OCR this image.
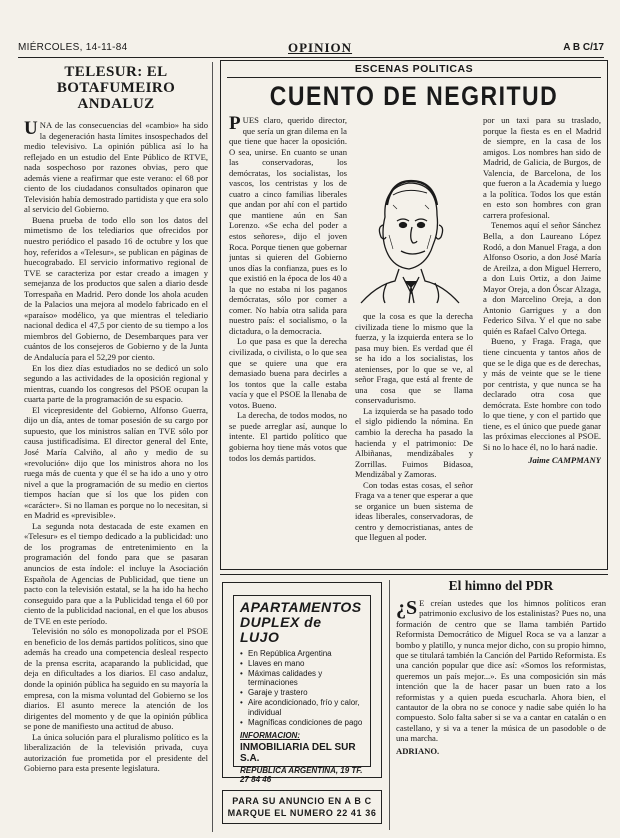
MIÉRCOLES, 14-11-84	OPINION	A B C/17
TELESUR: EL BOTAFUMEIRO ANDALUZ

UNA de las consecuencias del «cambio» ha sido la degeneración hasta límites insospechados del medio televisivo. La opinión pública así lo ha reflejado en un estudio del Ente Público de RTVE, nada sospechoso por razones obvias, pero que además viene a reafirmar que este verano: el 68 por ciento de los ciudadanos consultados opinaron que Televisión había demostrado partidista y que era solo al servicio del Gobierno.

Buena prueba de todo ello son los datos del mimetismo de los telediarios que ofrecidos por nuestro periódico el pasado 16 de octubre y los que hoy, referidos a «Telesur», se publican en páginas de huecograbado. El servicio informativo regional de TVE se caracteriza por estar creado a imagen y semejanza de los productos que salen a diario desde Torrespaña en Madrid. Pero donde los ahola acuden de la Palacios una mejora al modelo fabricado en el «paraíso» modélico, ya que mientras el telediario nacional dedica el 47,5 por ciento de su tiempo a los miembros del Gobierno, de Desembarques para ver cuántos de los consejeros de Gobierno y de la Junta de Andalucía para el 52,29 por ciento.

En los diez días estudiados no se dedicó un solo segundo a las actividades de la oposición regional y mientras, cuando los congresos del PSOE ocupan la cuarta parte de la programación de su espacio.

El vicepresidente del Gobierno, Alfonso Guerra, dijo un día, antes de tomar posesión de su cargo por supuesto, que los ministros salían en TVE sólo por causa justificadísima. El director general del Ente, José María Calviño, al año y medio de su «revolución» dijo que los ministros ahora no los ruega más de cuenta y que él se ha ido a uno y otro nivel a que la programación de su medio en ciertos tiempos hacían que sí los que los piden con «carácter». Si no llaman es porque no lo necesitan, si en Madrid es «previsible».

La segunda nota destacada de este examen en «Telesur» es el tiempo dedicado a la publicidad: uno de los programas de entretenimiento en la programación del fondo para que se pasaran anuncios de esta índole: el incluye la Asociación Española de Agencias de Publicidad, que tiene un pacto con la televisión estatal, se la ha ido ha hecho conseguido para que a la Publicidad tenga el 60 por ciento de la publicidad nacional, en el que los abusos de TVE en este período.

Televisión no sólo es monopolizada por el PSOE en beneficio de los demás partidos políticos, sino que además ha creado una competencia desleal respecto de la prensa escrita, acaparando la publicidad, que deja en dificultades a los diarios. El caso andaluz, donde la opinión pública ha seguido en su mayoría la empresa, con la misma voluntad del Gobierno se los diarios. El asunto merece la atención de los dirigentes del momento y de que la opinión pública se pone de manifiesto una actitud de abuso.

La única solución para el pluralismo político es la liberalización de la televisión privada, cuya autorización fue prometida por el presidente del Gobierno para esta presente legislatura.

ESCENAS POLITICAS
CUENTO DE NEGRITUD

PUES claro, querido director, que sería un gran dilema en la que tiene que hacer la oposición. O sea, unirse. En cuanto se unan las conservadoras, los demócratas, los socialistas, los vascos, los centristas y los de cuatro a cinco familias liberales que andan por ahí con el partido que mantiene aún en San Lorenzo. «Se echa del poder a estos señores», dijo el joven Roca. Porque tienen que gobernar juntas si quieren del Gobierno unos días la confianza, pues es lo que existió en la época de los 40 a la que no estaba ni los paganos demócratas, sólo por comer a comer. No había otra salida para nuestro país: el socialismo, o la dictadura, o la democracia.

Lo que pasa es que la derecha civilizada, o civilista, o lo que sea que se quiere una que era demasiado buena para decirles a los tontos que la calle estaba vacía y que el PSOE la llenaba de votos. Bueno.

La derecha, de todos modos, no se puede arreglar así, aunque lo intente. El partido político que gobierna hoy tiene más votos que todos los demás partidos.

que la cosa es que la derecha civilizada tiene lo mismo que la fuerza, y la izquierda entera se lo pasa muy bien. Es verdad que él se ha ido a los socialistas, los atenienses, por lo que se ve, al señor Fraga, que está al frente de una cosa que se llama conservadurismo.

La izquierda se ha pasado todo el siglo pidiendo la nómina. En cambio la derecha ha pasado la hacienda y el patrimonio: De Albiñanas, mendizábales y Zorrillas. Fuimos Bidasoa, Mendizábal y Zamoras.

Con todas estas cosas, el señor Fraga va a tener que esperar a que se organice un buen sistema de ideas liberales, conservadoras, de centro y democristianas, antes de que lleguen al poder.

por un taxi para su traslado, porque la fiesta es en el Madrid de siempre, en la casa de los amigos. Los nombres han sido de Madrid, de Galicia, de Burgos, de Valencia, de Barcelona, de los que fueron a la Academia y luego a la política. Todos los que están en esto son hombres con gran carrera profesional.

Tenemos aquí el señor Sánchez Bella, a don Laureano López Rodó, a don Manuel Fraga, a don Alfonso Osorio, a don José María de Areilza, a don Miguel Herrero, a don Luis Ortiz, a don Jaime Mayor Oreja, a don Óscar Alzaga, a don Marcelino Oreja, a don Antonio Garrigues y a don Federico Silva. Y el que no sabe quién es Rafael Calvo Ortega.

Bueno, y Fraga. Fraga, que tiene cincuenta y tantos años de que se le diga que es de derechas, y más de veinte que se le tiene por centrista, y que nunca se ha declarado otra cosa que demócrata. Este hombre con todo lo que tiene, y con el partido que tiene, es el único que puede ganar las próximas elecciones al PSOE. Si no lo hace él, no lo hará nadie.

Jaime CAMPMANY
APARTAMENTOS
DUPLEX de LUJO
• En República Argentina
• Llaves en mano
• Máximas calidades y terminaciones
• Garaje y trastero
• Aire acondicionado, frío y calor, individual
• Magníficas condiciones de pago
INFORMACION:
INMOBILIARIA DEL SUR S.A.
REPUBLICA ARGENTINA, 19 TF. 27 84 46
PARA SU ANUNCIO EN A B C
MARQUE EL NUMERO 22 41 36
El himno del PDR
¿S E creían ustedes que los himnos políticos eran patrimonio exclusivo de los estalinistas? Pues no, una formación de centro que se llama también Partido Reformista Democrático de Miguel Roca se va a lanzar a bombo y platillo, y nunca mejor dicho, con su propio himno, que se titulará también la Canción del Partido Reformista. Es una canción popular que dice así: «Somos los reformistas, queremos un país mejor...». Es una composición sin más intención que la de hacer pasar un buen rato a los reformistas y a quien pueda escucharla. Ahora bien, el cantautor de la obra no se conoce y nadie sabe quién lo ha compuesto. Solo falta saber si se va a cantar en catalán o en castellano, y si va a tener la música de un pasodoble o de una marcha.
ADRIANO.
